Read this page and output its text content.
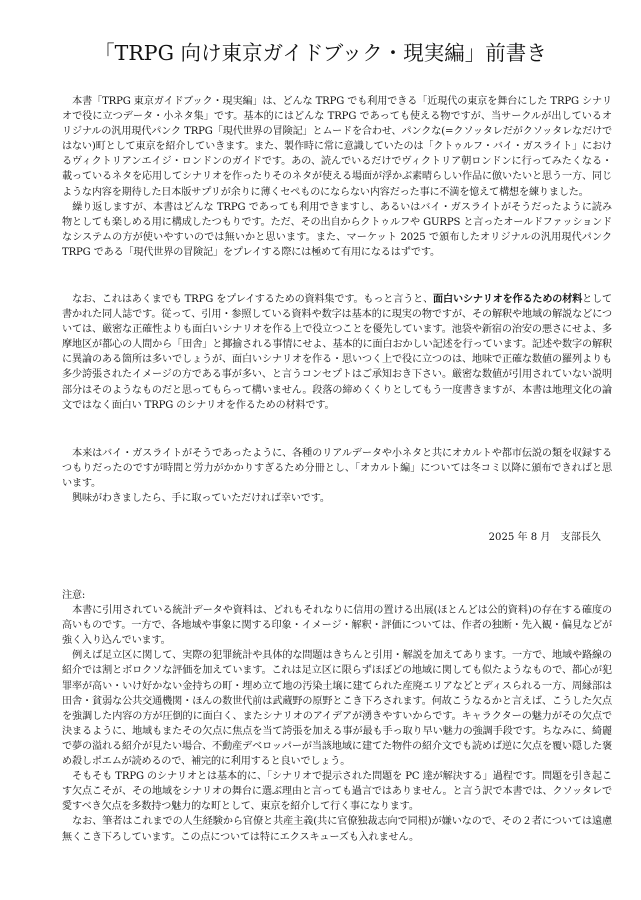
「TRPG 向け東京ガイドブック・現実編」前書き

本書「TRPG 東京ガイドブック・現実編」は、どんな TRPG でも利用できる「近現代の東京を舞台にした TRPG シナリオで役に立つデータ・小ネタ集」です。基本的にはどんな TRPG であっても使える物ですが、当サークルが出しているオリジナルの汎用現代パンク TRPG「現代世界の冒険記」とムードを合わせ、パンクな(=クソッタレだがクソッタレなだけではない)町として東京を紹介していきます。また、製作時に常に意識していたのは「クトゥルフ・バイ・ガスライト」におけるヴィクトリアンエイジ・ロンドンのガイドです。あの、読んでいるだけでヴィクトリア朝ロンドンに行ってみたくなる・載っているネタを応用してシナリオを作ったりそのネタが使える場面が浮かぶ素晴らしい作品に倣いたいと思う一方、同じような内容を期待した日本版サプリが余りに薄くセぺものにならない内容だった事に不満を憶えて構想を練りました。

繰り返しますが、本書はどんな TRPG であっても利用できますし、あるいはバイ・ガスライトがそうだったように読み物としても楽しめる用に構成したつもりです。ただ、その出自からクトゥルフや GURPS と言ったオールドファッションドなシステムの方が使いやすいのでは無いかと思います。また、マーケット 2025 で頒布したオリジナルの汎用現代パンク TRPG である「現代世界の冒険記」をプレイする際には極めて有用になるはずです。

なお、これはあくまでも TRPG をプレイするための資料集です。もっと言うと、面白いシナリオを作るための材料として書かれた同人誌です。従って、引用・参照している資料や数字は基本的に現実の物ですが、その解釈や地域の解説などについては、厳密な正確性よりも面白いシナリオを作る上で役立つことを優先しています。池袋や新宿の治安の悪さにせよ、多摩地区が都心の人間から「田舎」と揶揄される事情にせよ、基本的に面白おかしい記述を行っています。記述や数字の解釈に異論のある箇所は多いでしょうが、面白いシナリオを作る・思いつく上で役に立つのは、地味で正確な数値の羅列よりも多少誇張されたイメージの方である事が多い、と言うコンセプトはご承知おき下さい。厳密な数値が引用されていない説明部分はそのようなものだと思ってもらって構いません。段落の締めくくりとしてもう一度書きますが、本書は地理文化の論文ではなく面白い TRPG のシナリオを作るための材料です。

本来はバイ・ガスライトがそうであったように、各種のリアルデータや小ネタと共にオカルトや都市伝説の類を収録するつもりだったのですが時間と労力がかかりすぎるため分冊とし、「オカルト編」については冬コミ以降に頒布できればと思います。

興味がわきましたら、手に取っていただければ幸いです。

2025 年 8 月　支部長久

注意:

本書に引用されている統計データや資料は、どれもそれなりに信用の置ける出展(ほとんどは公的資料)の存在する確度の高いものです。一方で、各地域や事象に関する印象・イメージ・解釈・評価については、作者の独断・先入観・偏見などが強く入り込んでいます。

例えば足立区に関して、実際の犯罪統計や具体的な問題はきちんと引用・解説を加えてあります。一方で、地域や路線の紹介では割とボロクソな評価を加えています。これは足立区に限らずほぼどの地域に関しても似たようなもので、都心が犯罪率が高い・いけ好かない金持ちの町・埋め立て地の汚染土壌に建てられた産廃エリアなどとディスられる一方、周縁部は田舎・貧弱な公共交通機関・ほんの数世代前は武蔵野の原野とこき下ろされます。何故こうなるかと言えば、こうした欠点を強調した内容の方が圧倒的に面白く、またシナリオのアイデアが湧きやすいからです。キャラクターの魅力がその欠点で決まるように、地域もまたその欠点に焦点を当て誇張を加える事が最も手っ取り早い魅力の強調手段です。ちなみに、綺麗で夢の溢れる紹介が見たい場合、不動産デベロッパーが当該地域に建てた物件の紹介文でも読めば逆に欠点を覆い隠した褒め殺しポエムが読めるので、補完的に利用すると良いでしょう。

そもそも TRPG のシナリオとは基本的に、「シナリオで提示された問題を PC 達が解決する」過程です。問題を引き起こす欠点こそが、その地域をシナリオの舞台に選ぶ理由と言っても過言ではありません。と言う訳で本書では、クソッタレで愛すべき欠点を多数持つ魅力的な町として、東京を紹介して行く事になります。

なお、筆者はこれまでの人生経験から官僚と共産主義(共に官僚独裁志向で同根)が嫌いなので、その２者については遠慮無くこき下ろしています。この点については特にエクスキューズも入れません。
